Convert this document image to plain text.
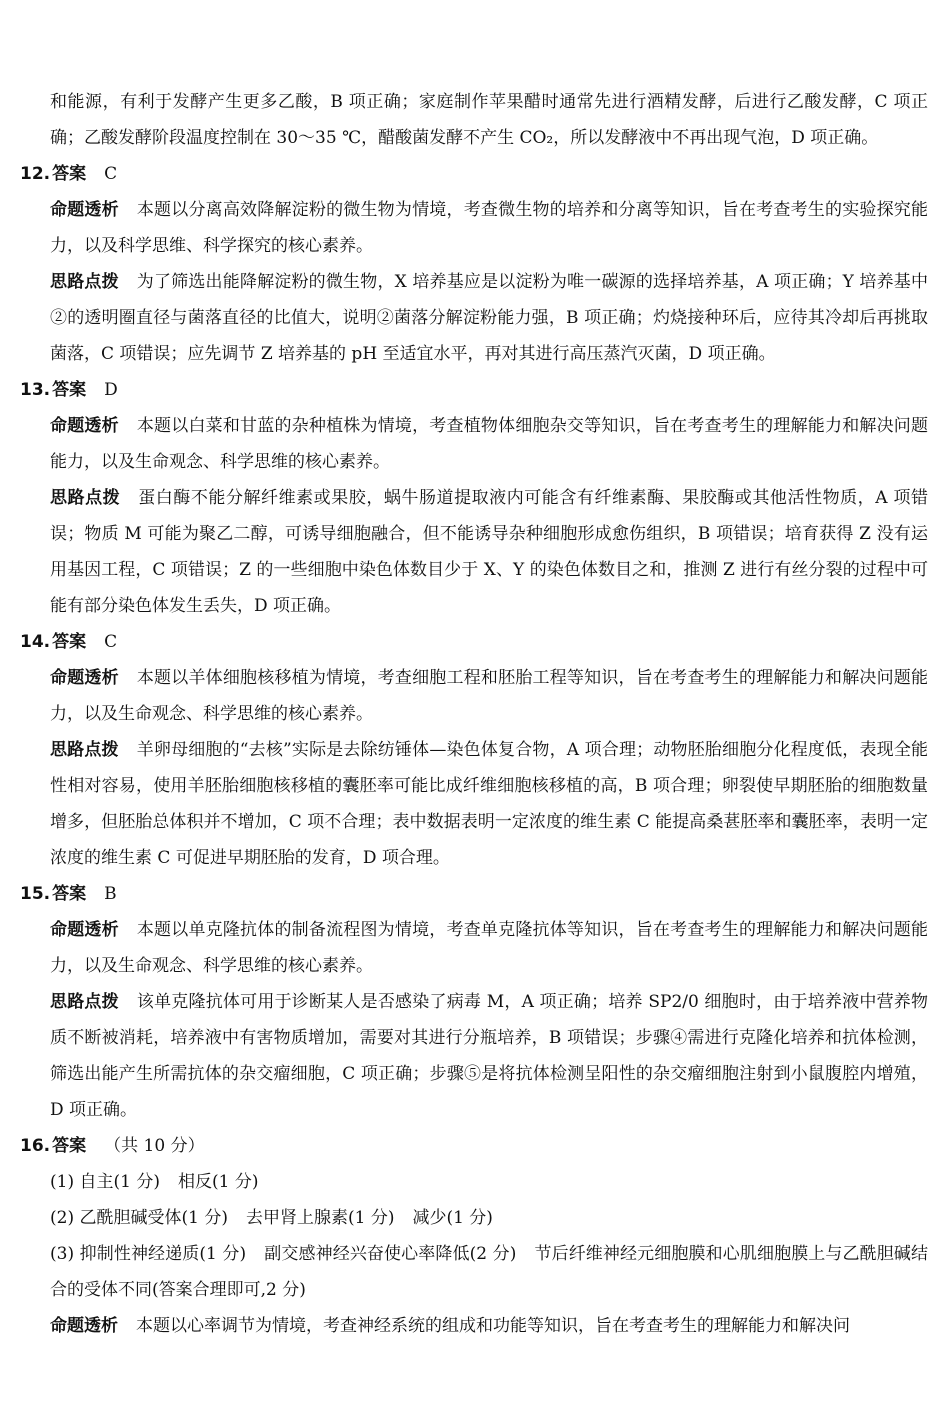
和能源，有利于发酵产生更多乙酸，B 项正确；家庭制作苹果醋时通常先进行酒精发酵，后进行乙酸发酵，C 项正确；乙酸发酵阶段温度控制在 30～35 ℃，醋酸菌发酵不产生 CO₂，所以发酵液中不再出现气泡，D 项正确。

12. 答案 C

命题透析 本题以分离高效降解淀粉的微生物为情境，考查微生物的培养和分离等知识，旨在考查考生的实验探究能力，以及科学思维、科学探究的核心素养。

思路点拨 为了筛选出能降解淀粉的微生物，X 培养基应是以淀粉为唯一碳源的选择培养基，A 项正确；Y 培养基中②的透明圈直径与菌落直径的比值大，说明②菌落分解淀粉能力强，B 项正确；灼烧接种环后，应待其冷却后再挑取菌落，C 项错误；应先调节 Z 培养基的 pH 至适宜水平，再对其进行高压蒸汽灭菌，D 项正确。

13. 答案 D

命题透析 本题以白菜和甘蓝的杂种植株为情境，考查植物体细胞杂交等知识，旨在考查考生的理解能力和解决问题能力，以及生命观念、科学思维的核心素养。

思路点拨 蛋白酶不能分解纤维素或果胶，蜗牛肠道提取液内可能含有纤维素酶、果胶酶或其他活性物质，A 项错误；物质 M 可能为聚乙二醇，可诱导细胞融合，但不能诱导杂种细胞形成愈伤组织，B 项错误；培育获得 Z 没有运用基因工程，C 项错误；Z 的一些细胞中染色体数目少于 X、Y 的染色体数目之和，推测 Z 进行有丝分裂的过程中可能有部分染色体发生丢失，D 项正确。

14. 答案 C

命题透析 本题以羊体细胞核移植为情境，考查细胞工程和胚胎工程等知识，旨在考查考生的理解能力和解决问题能力，以及生命观念、科学思维的核心素养。

思路点拨 羊卵母细胞的“去核”实际是去除纺锤体—染色体复合物，A 项合理；动物胚胎细胞分化程度低，表现全能性相对容易，使用羊胚胎细胞核移植的囊胚率可能比成纤维细胞核移植的高，B 项合理；卵裂使早期胚胎的细胞数量增多，但胚胎总体积并不增加，C 项不合理；表中数据表明一定浓度的维生素 C 能提高桑葚胚率和囊胚率，表明一定浓度的维生素 C 可促进早期胚胎的发育，D 项合理。

15. 答案 B

命题透析 本题以单克隆抗体的制备流程图为情境，考查单克隆抗体等知识，旨在考查考生的理解能力和解决问题能力，以及生命观念、科学思维的核心素养。

思路点拨 该单克隆抗体可用于诊断某人是否感染了病毒 M，A 项正确；培养 SP2/0 细胞时，由于培养液中营养物质不断被消耗，培养液中有害物质增加，需要对其进行分瓶培养，B 项错误；步骤④需进行克隆化培养和抗体检测，筛选出能产生所需抗体的杂交瘤细胞，C 项正确；步骤⑤是将抗体检测呈阳性的杂交瘤细胞注射到小鼠腹腔内增殖，D 项正确。

16. 答案 （共 10 分）

(1) 自主(1 分) 相反(1 分)

(2) 乙酰胆碱受体(1 分) 去甲肾上腺素(1 分) 减少(1 分)

(3) 抑制性神经递质(1 分) 副交感神经兴奋使心率降低(2 分) 节后纤维神经元细胞膜和心肌细胞膜上与乙酰胆碱结合的受体不同(答案合理即可,2 分)

命题透析 本题以心率调节为情境，考查神经系统的组成和功能等知识，旨在考查考生的理解能力和解决问
